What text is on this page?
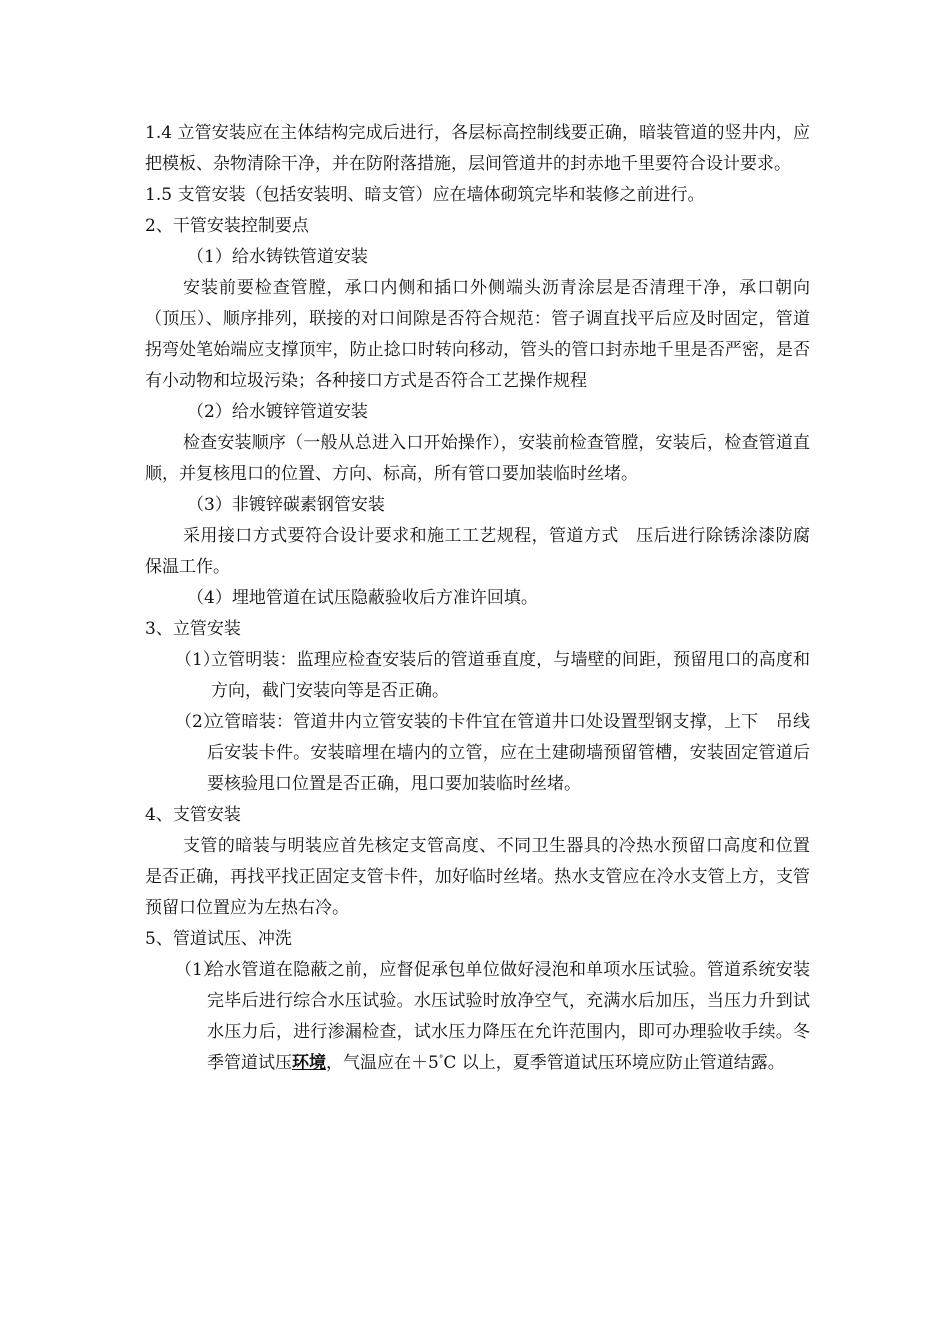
1.4 立管安装应在主体结构完成后进行，各层标高控制线要正确，暗装管道的竖井内，应把模板、杂物清除干净，并在防附落措施，层间管道井的封赤地千里要符合设计要求。

1.5 支管安装（包括安装明、暗支管）应在墙体砌筑完毕和装修之前进行。

2、干管安装控制要点

（1）给水铸铁管道安装

安装前要检查管膛，承口内侧和插口外侧端头沥青涂层是否清理干净，承口朝向（顶压）、顺序排列，联接的对口间隙是否符合规范：管子调直找平后应及时固定，管道拐弯处笔始端应支撑顶牢，防止捻口时转向移动，管头的管口封赤地千里是否严密，是否有小动物和垃圾污染；各种接口方式是否符合工艺操作规程

（2）给水镀锌管道安装

检查安装顺序（一般从总进入口开始操作），安装前检查管膛，安装后，检查管道直顺，并复核甩口的位置、方向、标高，所有管口要加装临时丝堵。

（3）非镀锌碳素钢管安装

采用接口方式要符合设计要求和施工工艺规程，管道方式　压后进行除锈涂漆防腐保温工作。

（4）埋地管道在试压隐蔽验收后方准许回填。

3、立管安装

（1）
立管明装：监理应检查安装后的管道垂直度，与墙壁的间距，预留甩口的高度和方向，截门安装向等是否正确。
（2）
立管暗装：管道井内立管安装的卡件宜在管道井口处设置型钢支撑，上下　吊线后安装卡件。安装暗埋在墙内的立管，应在土建砌墙预留管槽，安装固定管道后要核验甩口位置是否正确，甩口要加装临时丝堵。

4、支管安装

支管的暗装与明装应首先核定支管高度、不同卫生器具的冷热水预留口高度和位置是否正确，再找平找正固定支管卡件，加好临时丝堵。热水支管应在冷水支管上方，支管预留口位置应为左热右冷。

5、管道试压、冲洗

（1）
给水管道在隐蔽之前，应督促承包单位做好浸泡和单项水压试验。管道系统安装完毕后进行综合水压试验。水压试验时放净空气，充满水后加压，当压力升到试水压力后，进行渗漏检查，试水压力降压在允许范围内，即可办理验收手续。冬季管道试压环境，气温应在＋5°C 以上，夏季管道试压环境应防止管道结露。
